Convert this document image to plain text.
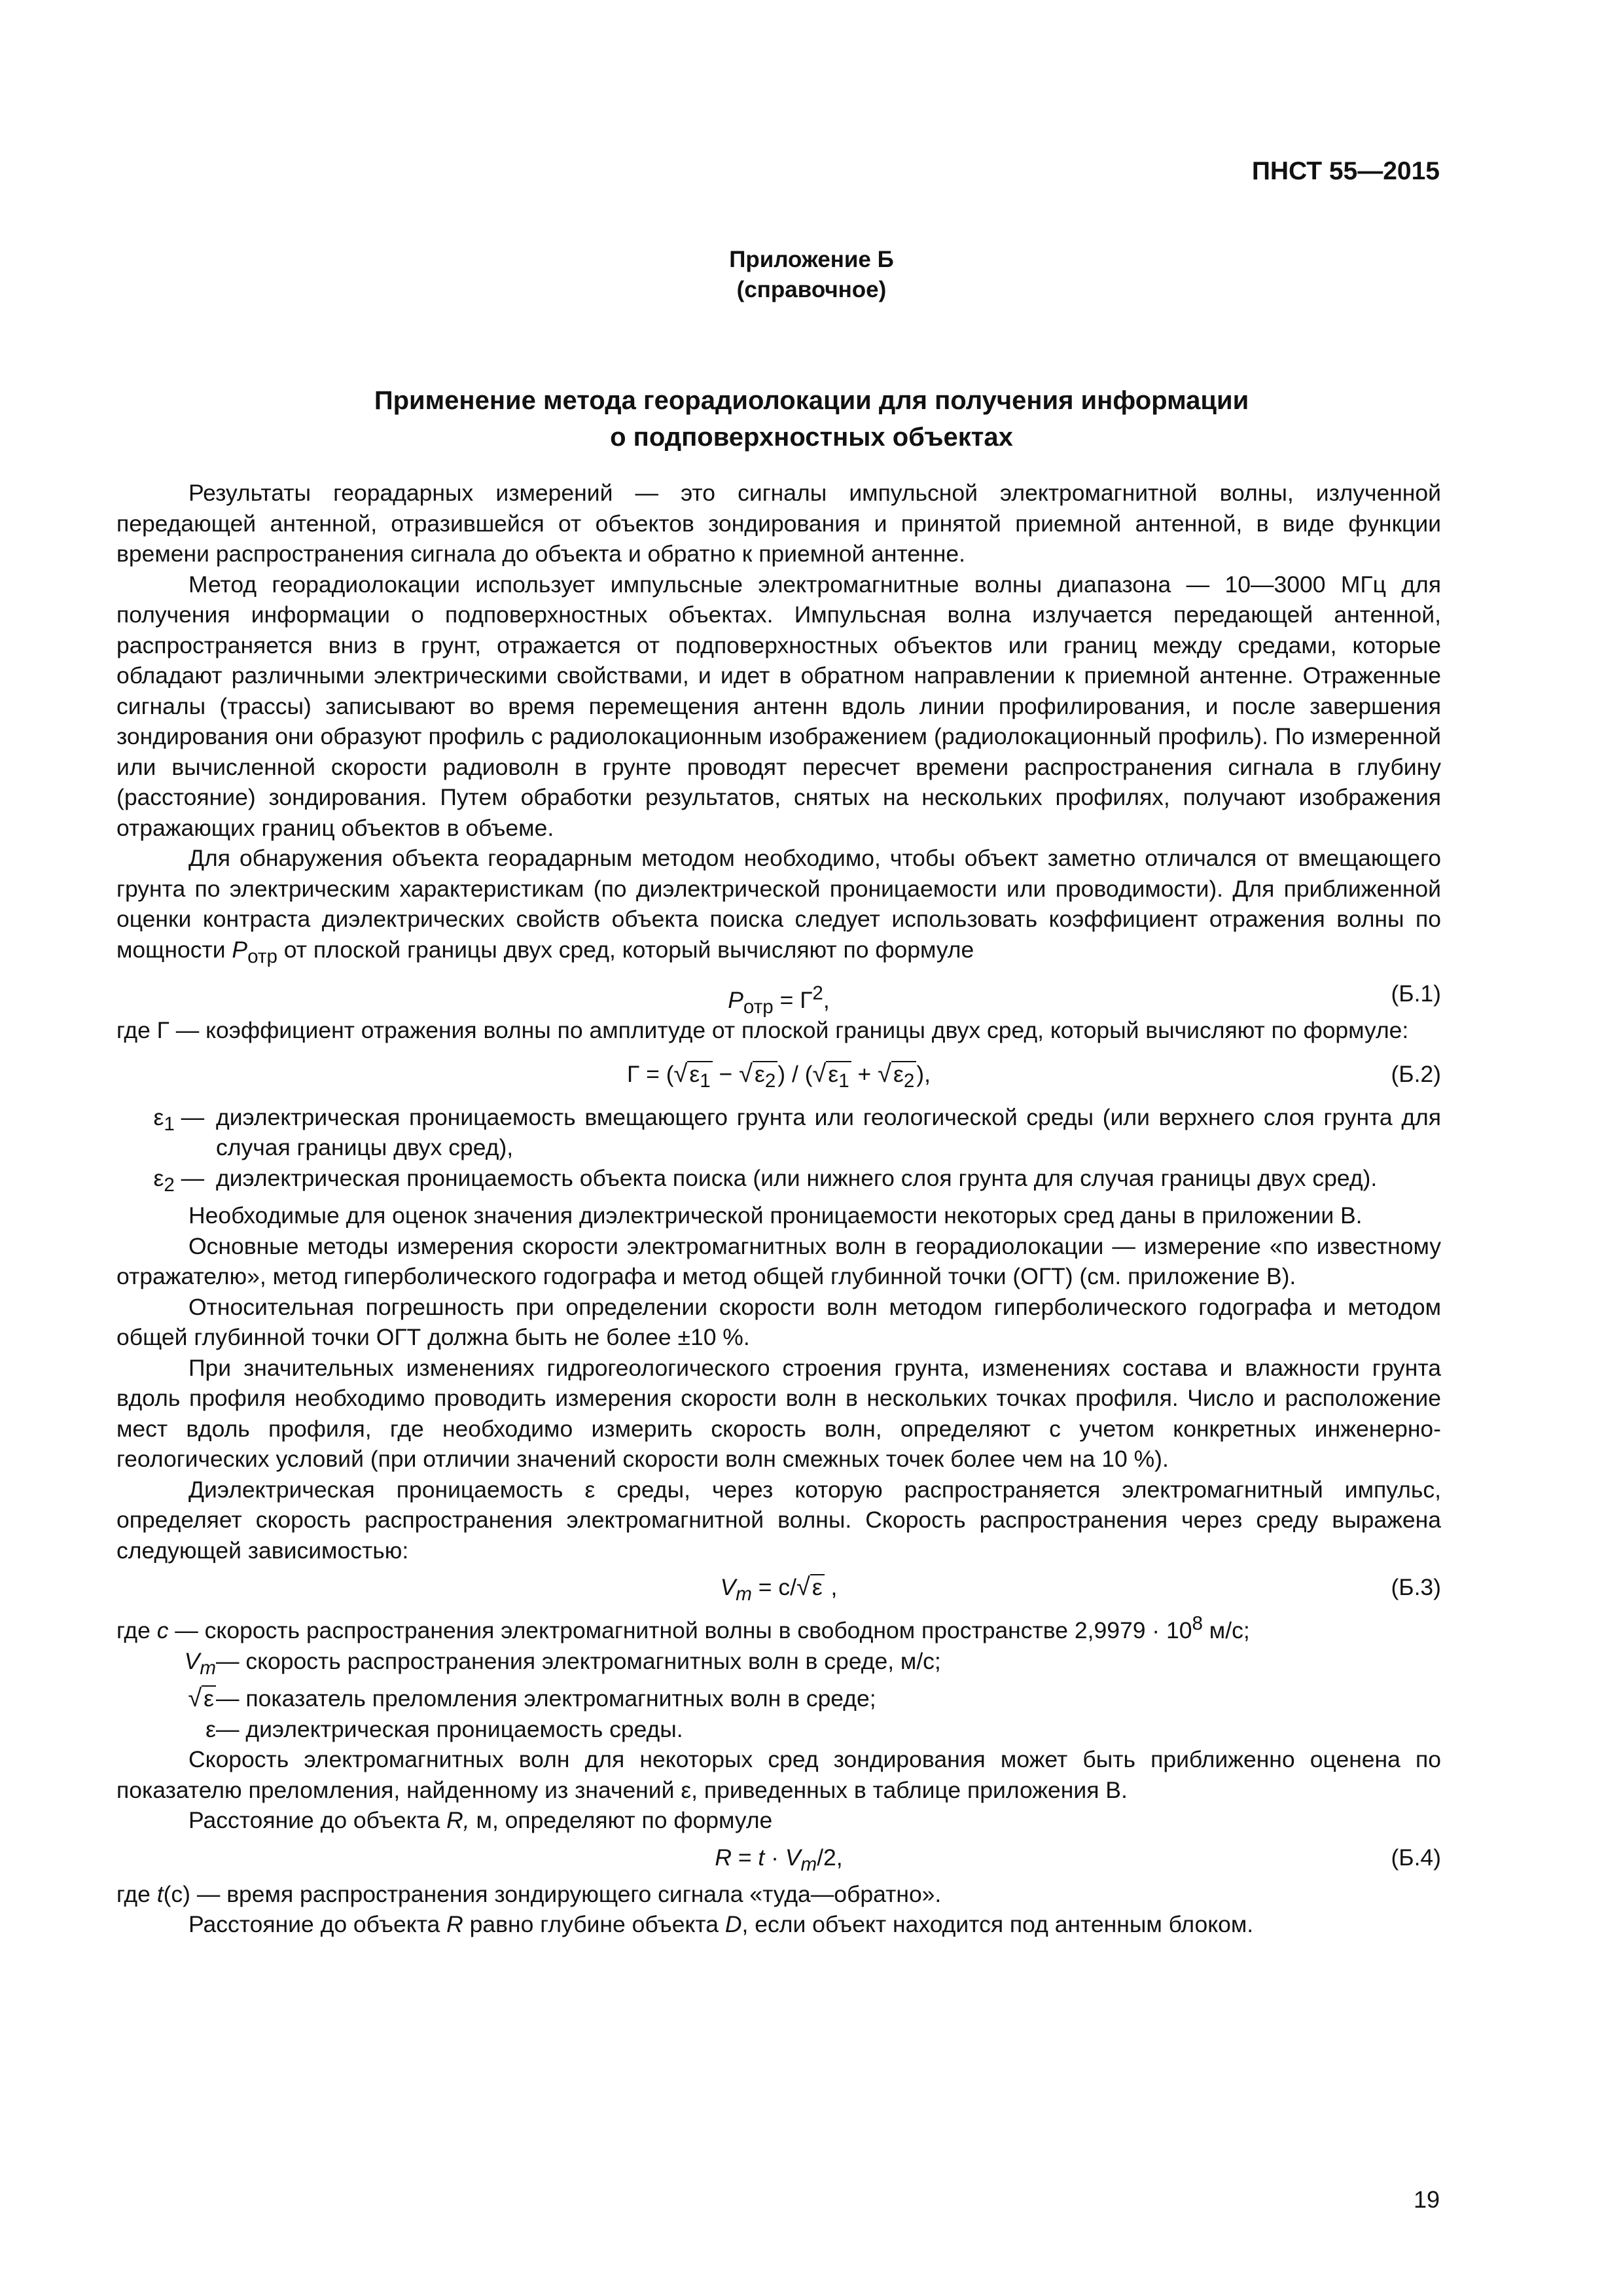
ПНСТ 55—2015
Приложение Б
(справочное)
Применение метода георадиолокации для получения информации
о подповерхностных объектах

Результаты георадарных измерений — это сигналы импульсной электромагнитной волны, излученной передающей антенной, отразившейся от объектов зондирования и принятой приемной антенной, в виде функции времени распространения сигнала до объекта и обратно к приемной антенне.

Метод георадиолокации использует импульсные электромагнитные волны диапазона — 10—3000 МГц для получения информации о подповерхностных объектах. Импульсная волна излучается передающей антенной, распространяется вниз в грунт, отражается от подповерхностных объектов или границ между средами, которые обладают различными электрическими свойствами, и идет в обратном направлении к приемной антенне. Отраженные сигналы (трассы) записывают во время перемещения антенн вдоль линии профилирования, и после завершения зондирования они образуют профиль с радиолокационным изображением (радиолокационный профиль). По измеренной или вычисленной скорости радиоволн в грунте проводят пересчет времени распространения сигнала в глубину (расстояние) зондирования. Путем обработки результатов, снятых на нескольких профилях, получают изображения отражающих границ объектов в объеме.

Для обнаружения объекта георадарным методом необходимо, чтобы объект заметно отличался от вмещающего грунта по электрическим характеристикам (по диэлектрической проницаемости или проводимости). Для приближенной оценки контраста диэлектрических свойств объекта поиска следует использовать коэффициент отражения волны по мощности $P_{отр}$ от плоской границы двух сред, который вычисляют по формуле

$P_{отр} = Г^2$,	(Б.1)
где Г — коэффициент отражения волны по амплитуде от плоской границы двух сред, который вычисляют по формуле:
$Г = (√\varepsilon_1 - √\varepsilon_2) / (√\varepsilon_1 + √\varepsilon_2)$,	(Б.2)
$\varepsilon_1$ — диэлектрическая проницаемость вмещающего грунта или геологической среды (или верхнего слоя грунта для случая границы двух сред),
$\varepsilon_2$ — диэлектрическая проницаемость объекта поиска (или нижнего слоя грунта для случая границы двух сред).

Необходимые для оценок значения диэлектрической проницаемости некоторых сред даны в приложении В.

Основные методы измерения скорости электромагнитных волн в георадиолокации — измерение «по известному отражателю», метод гиперболического годографа и метод общей глубинной точки (ОГТ) (см. приложение В).

Относительная погрешность при определении скорости волн методом гиперболического годографа и методом общей глубинной точки ОГТ должна быть не более ±10 %.

При значительных изменениях гидрогеологического строения грунта, изменениях состава и влажности грунта вдоль профиля необходимо проводить измерения скорости волн в нескольких точках профиля. Число и расположение мест вдоль профиля, где необходимо измерить скорость волн, определяют с учетом конкретных инженерно-геологических условий (при отличии значений скорости волн смежных точек более чем на 10 %).

Диэлектрическая проницаемость ε среды, через которую распространяется электромагнитный импульс, определяет скорость распространения электромагнитной волны. Скорость распространения через среду выражена следующей зависимостью:

$V_m = c/√\varepsilon$ ,	(Б.3)
где c — скорость распространения электромагнитной волны в свободном пространстве $2,9979 \cdot 10^8$ м/с;
$V_m$ — скорость распространения электромагнитных волн в среде, м/с;
√ε — показатель преломления электромагнитных волн в среде;
ε — диэлектрическая проницаемость среды.

Скорость электромагнитных волн для некоторых сред зондирования может быть приближенно оценена по показателю преломления, найденному из значений ε, приведенных в таблице приложения В.

Расстояние до объекта R, м, определяют по формуле

$R = t \cdot V_m/2$,	(Б.4)
где t(с) — время распространения зондирующего сигнала «туда—обратно».

Расстояние до объекта R равно глубине объекта D, если объект находится под антенным блоком.

19
